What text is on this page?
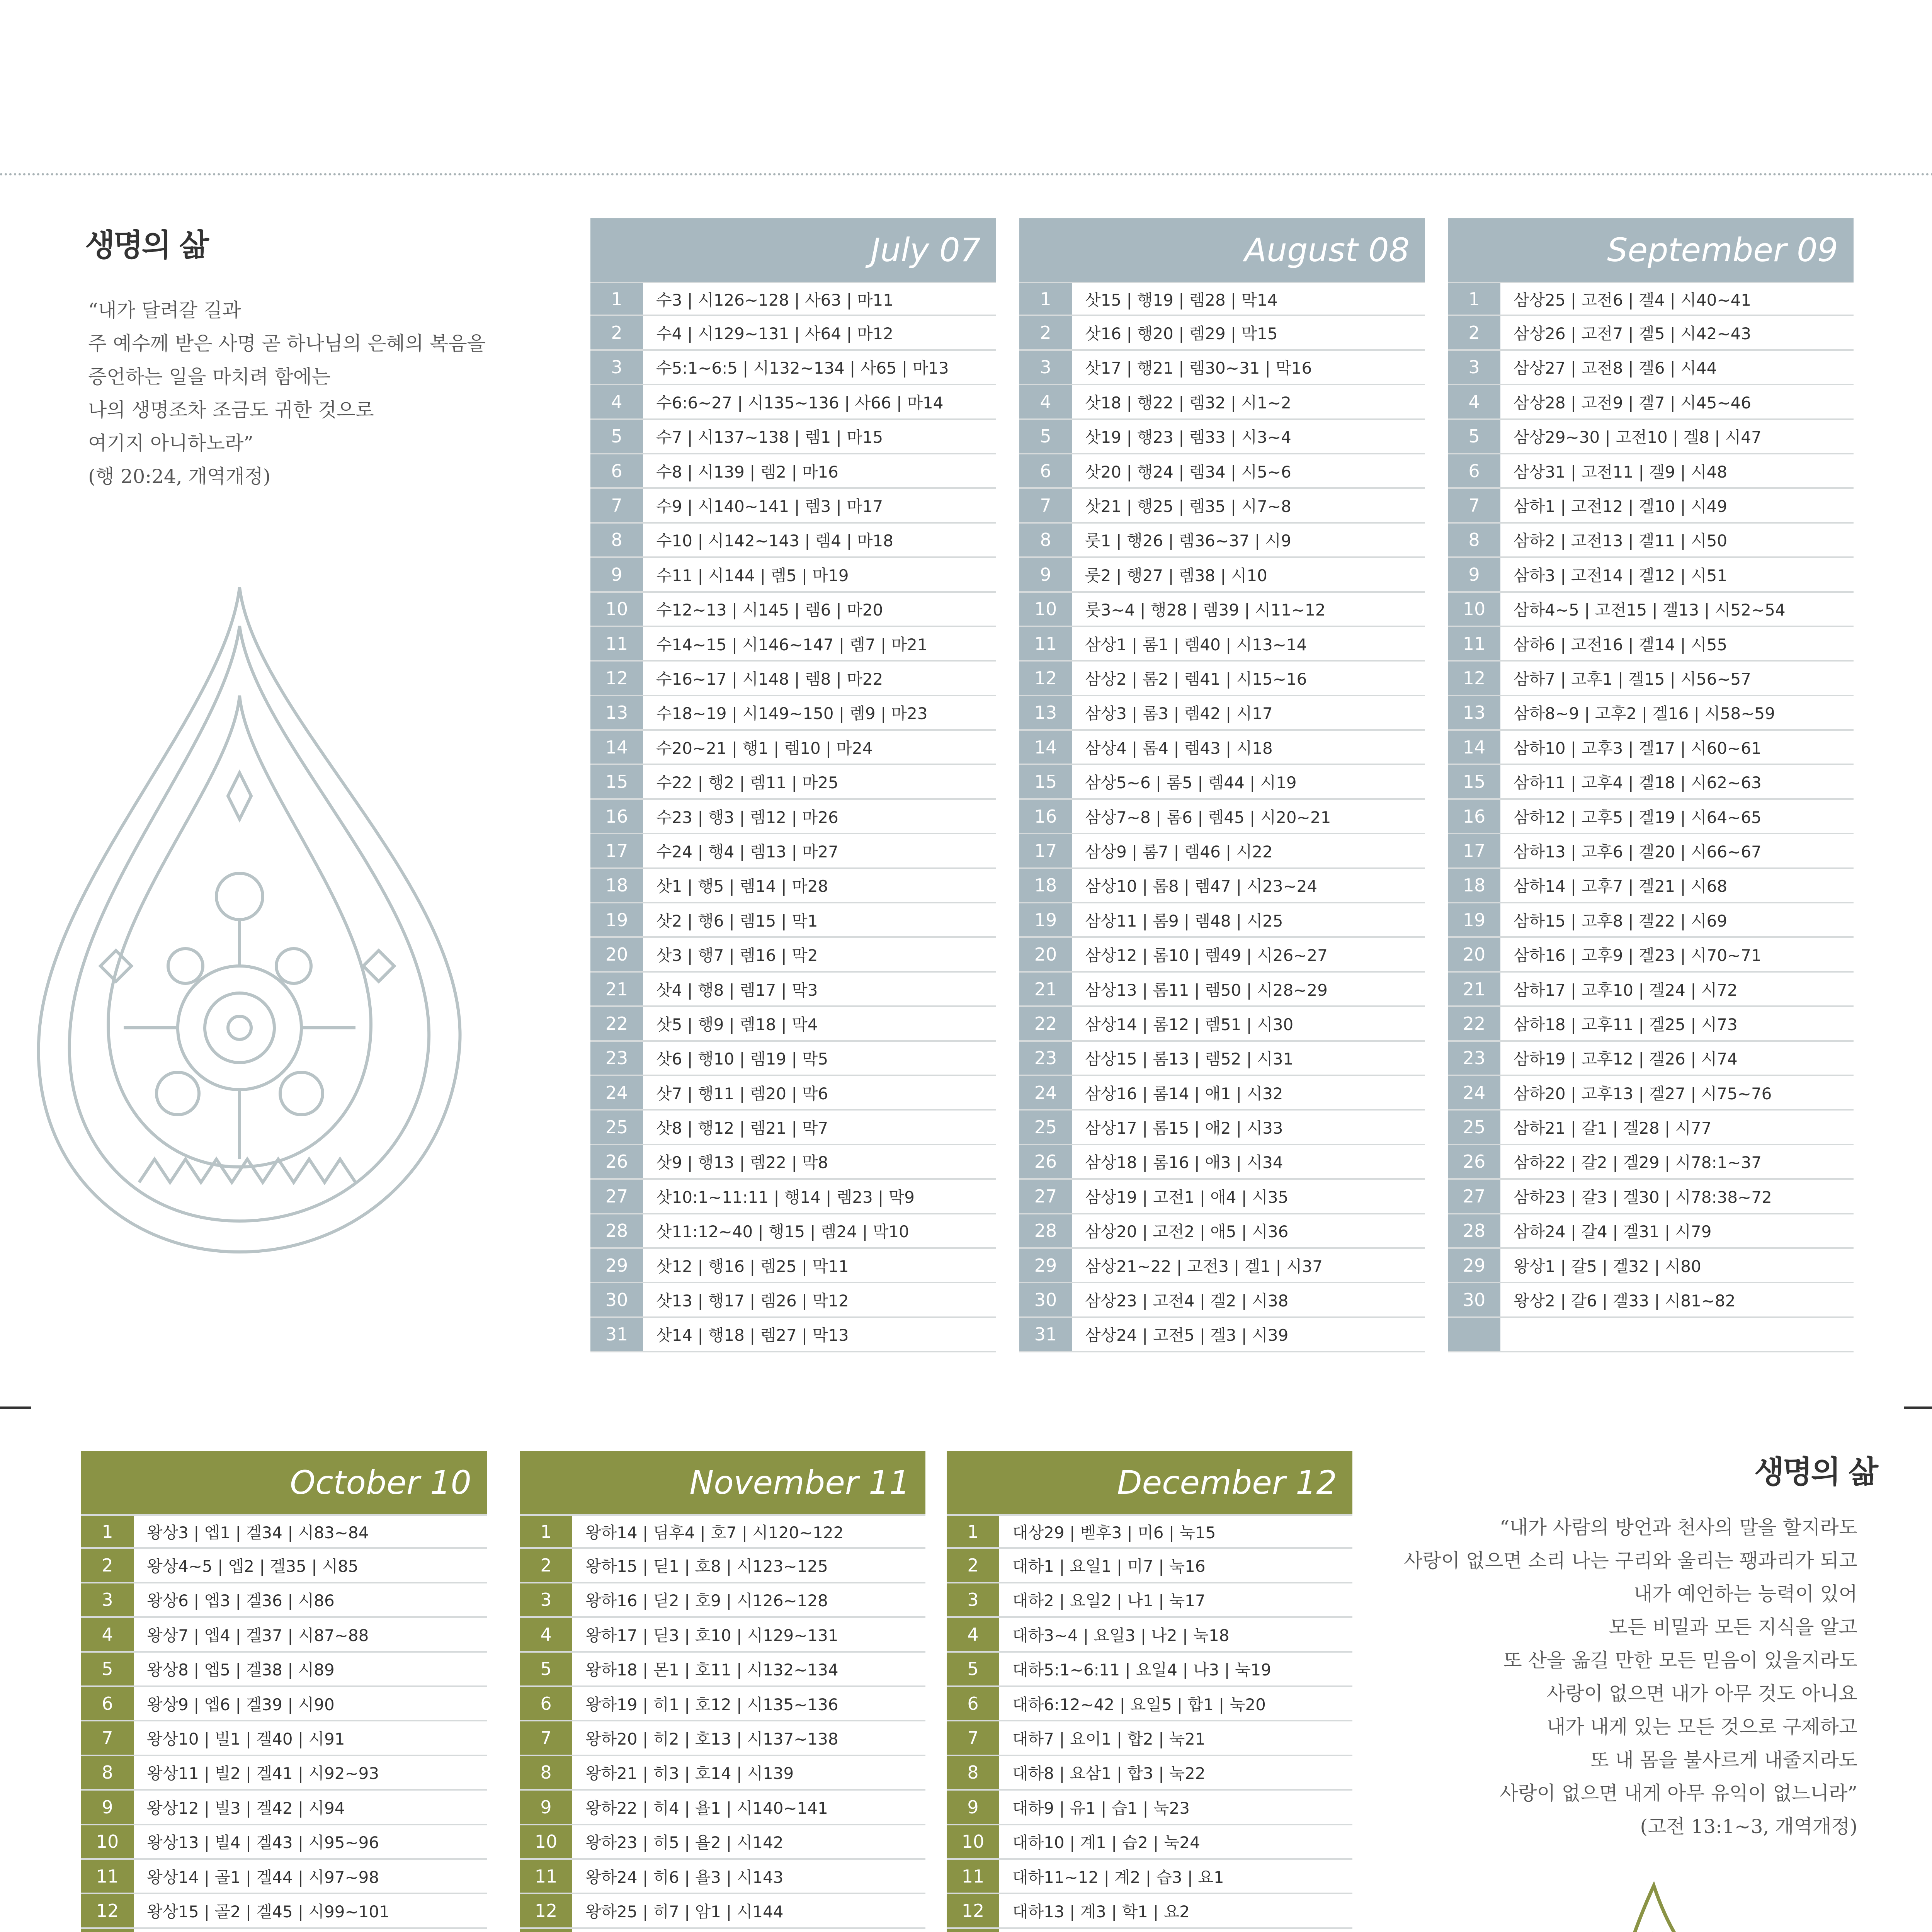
생명의 삶
“내가 달려갈 길과
주 예수께 받은 사명 곧 하나님의 은혜의 복음을
증언하는 일을 마치려 함에는
나의 생명조차 조금도 귀한 것으로
여기지 아니하노라”
(행 20:24, 개역개정)
생명의 삶
“내가 사람의 방언과 천사의 말을 할지라도
사랑이 없으면 소리 나는 구리와 울리는 꽹과리가 되고
내가 예언하는 능력이 있어
모든 비밀과 모든 지식을 알고
또 산을 옮길 만한 모든 믿음이 있을지라도
사랑이 없으면 내가 아무 것도 아니요
내가 내게 있는 모든 것으로 구제하고
또 내 몸을 불사르게 내줄지라도
사랑이 없으면 내게 아무 유익이 없느니라”
(고전 13:1~3, 개역개정)
July 07
1	수3 | 시126~128 | 사63 | 마11
2	수4 | 시129~131 | 사64 | 마12
3	수5:1~6:5 | 시132~134 | 사65 | 마13
4	수6:6~27 | 시135~136 | 사66 | 마14
5	수7 | 시137~138 | 렘1 | 마15
6	수8 | 시139 | 렘2 | 마16
7	수9 | 시140~141 | 렘3 | 마17
8	수10 | 시142~143 | 렘4 | 마18
9	수11 | 시144 | 렘5 | 마19
10	수12~13 | 시145 | 렘6 | 마20
11	수14~15 | 시146~147 | 렘7 | 마21
12	수16~17 | 시148 | 렘8 | 마22
13	수18~19 | 시149~150 | 렘9 | 마23
14	수20~21 | 행1 | 렘10 | 마24
15	수22 | 행2 | 렘11 | 마25
16	수23 | 행3 | 렘12 | 마26
17	수24 | 행4 | 렘13 | 마27
18	삿1 | 행5 | 렘14 | 마28
19	삿2 | 행6 | 렘15 | 막1
20	삿3 | 행7 | 렘16 | 막2
21	삿4 | 행8 | 렘17 | 막3
22	삿5 | 행9 | 렘18 | 막4
23	삿6 | 행10 | 렘19 | 막5
24	삿7 | 행11 | 렘20 | 막6
25	삿8 | 행12 | 렘21 | 막7
26	삿9 | 행13 | 렘22 | 막8
27	삿10:1~11:11 | 행14 | 렘23 | 막9
28	삿11:12~40 | 행15 | 렘24 | 막10
29	삿12 | 행16 | 렘25 | 막11
30	삿13 | 행17 | 렘26 | 막12
31	삿14 | 행18 | 렘27 | 막13
August 08
1	삿15 | 행19 | 렘28 | 막14
2	삿16 | 행20 | 렘29 | 막15
3	삿17 | 행21 | 렘30~31 | 막16
4	삿18 | 행22 | 렘32 | 시1~2
5	삿19 | 행23 | 렘33 | 시3~4
6	삿20 | 행24 | 렘34 | 시5~6
7	삿21 | 행25 | 렘35 | 시7~8
8	룻1 | 행26 | 렘36~37 | 시9
9	룻2 | 행27 | 렘38 | 시10
10	룻3~4 | 행28 | 렘39 | 시11~12
11	삼상1 | 롬1 | 렘40 | 시13~14
12	삼상2 | 롬2 | 렘41 | 시15~16
13	삼상3 | 롬3 | 렘42 | 시17
14	삼상4 | 롬4 | 렘43 | 시18
15	삼상5~6 | 롬5 | 렘44 | 시19
16	삼상7~8 | 롬6 | 렘45 | 시20~21
17	삼상9 | 롬7 | 렘46 | 시22
18	삼상10 | 롬8 | 렘47 | 시23~24
19	삼상11 | 롬9 | 렘48 | 시25
20	삼상12 | 롬10 | 렘49 | 시26~27
21	삼상13 | 롬11 | 렘50 | 시28~29
22	삼상14 | 롬12 | 렘51 | 시30
23	삼상15 | 롬13 | 렘52 | 시31
24	삼상16 | 롬14 | 애1 | 시32
25	삼상17 | 롬15 | 애2 | 시33
26	삼상18 | 롬16 | 애3 | 시34
27	삼상19 | 고전1 | 애4 | 시35
28	삼상20 | 고전2 | 애5 | 시36
29	삼상21~22 | 고전3 | 겔1 | 시37
30	삼상23 | 고전4 | 겔2 | 시38
31	삼상24 | 고전5 | 겔3 | 시39
September 09
1	삼상25 | 고전6 | 겔4 | 시40~41
2	삼상26 | 고전7 | 겔5 | 시42~43
3	삼상27 | 고전8 | 겔6 | 시44
4	삼상28 | 고전9 | 겔7 | 시45~46
5	삼상29~30 | 고전10 | 겔8 | 시47
6	삼상31 | 고전11 | 겔9 | 시48
7	삼하1 | 고전12 | 겔10 | 시49
8	삼하2 | 고전13 | 겔11 | 시50
9	삼하3 | 고전14 | 겔12 | 시51
10	삼하4~5 | 고전15 | 겔13 | 시52~54
11	삼하6 | 고전16 | 겔14 | 시55
12	삼하7 | 고후1 | 겔15 | 시56~57
13	삼하8~9 | 고후2 | 겔16 | 시58~59
14	삼하10 | 고후3 | 겔17 | 시60~61
15	삼하11 | 고후4 | 겔18 | 시62~63
16	삼하12 | 고후5 | 겔19 | 시64~65
17	삼하13 | 고후6 | 겔20 | 시66~67
18	삼하14 | 고후7 | 겔21 | 시68
19	삼하15 | 고후8 | 겔22 | 시69
20	삼하16 | 고후9 | 겔23 | 시70~71
21	삼하17 | 고후10 | 겔24 | 시72
22	삼하18 | 고후11 | 겔25 | 시73
23	삼하19 | 고후12 | 겔26 | 시74
24	삼하20 | 고후13 | 겔27 | 시75~76
25	삼하21 | 갈1 | 겔28 | 시77
26	삼하22 | 갈2 | 겔29 | 시78:1~37
27	삼하23 | 갈3 | 겔30 | 시78:38~72
28	삼하24 | 갈4 | 겔31 | 시79
29	왕상1 | 갈5 | 겔32 | 시80
30	왕상2 | 갈6 | 겔33 | 시81~82
October 10
1	왕상3 | 엡1 | 겔34 | 시83~84
2	왕상4~5 | 엡2 | 겔35 | 시85
3	왕상6 | 엡3 | 겔36 | 시86
4	왕상7 | 엡4 | 겔37 | 시87~88
5	왕상8 | 엡5 | 겔38 | 시89
6	왕상9 | 엡6 | 겔39 | 시90
7	왕상10 | 빌1 | 겔40 | 시91
8	왕상11 | 빌2 | 겔41 | 시92~93
9	왕상12 | 빌3 | 겔42 | 시94
10	왕상13 | 빌4 | 겔43 | 시95~96
11	왕상14 | 골1 | 겔44 | 시97~98
12	왕상15 | 골2 | 겔45 | 시99~101
November 11
1	왕하14 | 딤후4 | 호7 | 시120~122
2	왕하15 | 딛1 | 호8 | 시123~125
3	왕하16 | 딛2 | 호9 | 시126~128
4	왕하17 | 딛3 | 호10 | 시129~131
5	왕하18 | 몬1 | 호11 | 시132~134
6	왕하19 | 히1 | 호12 | 시135~136
7	왕하20 | 히2 | 호13 | 시137~138
8	왕하21 | 히3 | 호14 | 시139
9	왕하22 | 히4 | 욜1 | 시140~141
10	왕하23 | 히5 | 욜2 | 시142
11	왕하24 | 히6 | 욜3 | 시143
12	왕하25 | 히7 | 암1 | 시144
December 12
1	대상29 | 벧후3 | 미6 | 눅15
2	대하1 | 요일1 | 미7 | 눅16
3	대하2 | 요일2 | 나1 | 눅17
4	대하3~4 | 요일3 | 나2 | 눅18
5	대하5:1~6:11 | 요일4 | 나3 | 눅19
6	대하6:12~42 | 요일5 | 합1 | 눅20
7	대하7 | 요이1 | 합2 | 눅21
8	대하8 | 요삼1 | 합3 | 눅22
9	대하9 | 유1 | 습1 | 눅23
10	대하10 | 계1 | 습2 | 눅24
11	대하11~12 | 계2 | 습3 | 요1
12	대하13 | 계3 | 학1 | 요2
